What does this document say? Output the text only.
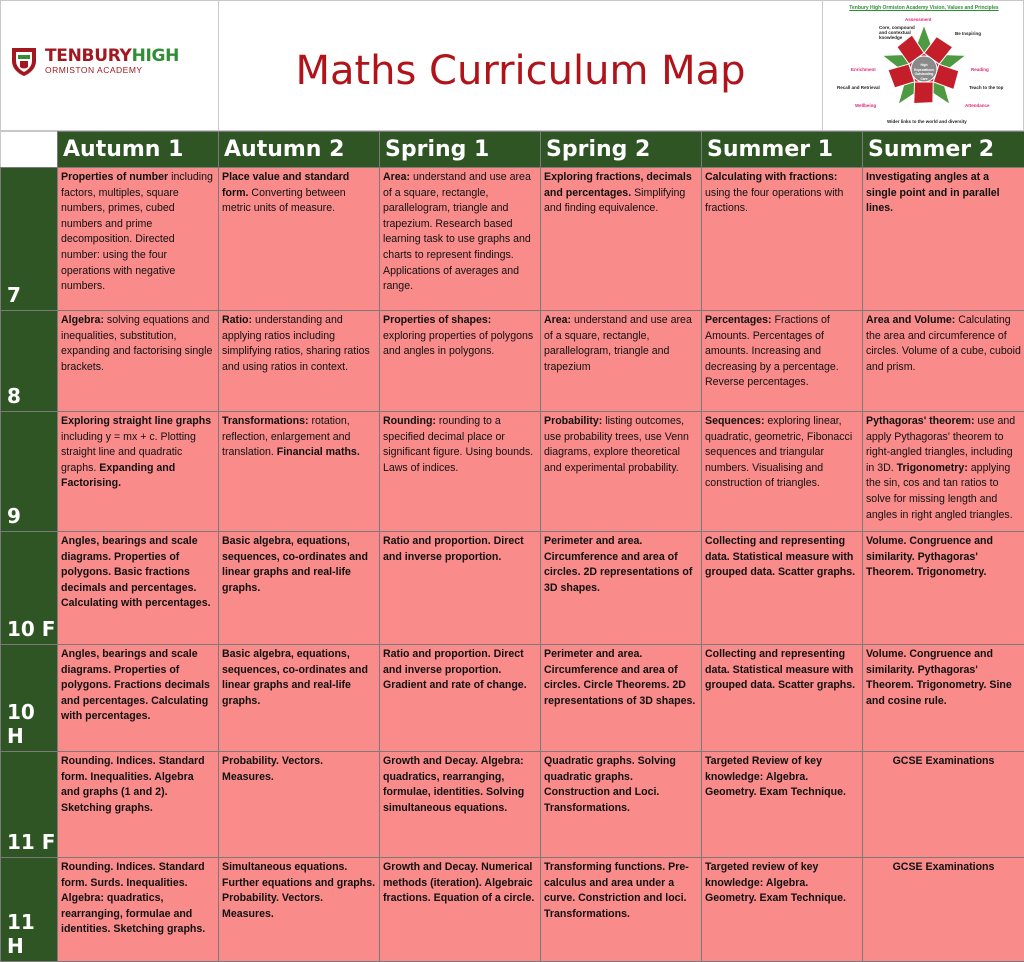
TENBURYHIGH
ORMISTON ACADEMY	Maths Curriculum Map
Tenbury High Ormiston Academy Vision, Values and Principles
Core, compound and contextual knowledge
Assessment
Be Inspiring
Enrichment	Reading
Recall and Retrieval	Teach to the top
Wellbeing	Attendance
Wider links to the world and diversity
High Expectations Outstanding Care
	Autumn 1	Autumn 2	Spring 1	Spring 2	Summer 1	Summer 2
7	Properties of number including factors, multiples, square numbers, primes, cubed numbers and prime decomposition. Directed number: using the four operations with negative numbers.	Place value and standard form. Converting between metric units of measure.	Area: understand and use area of a square, rectangle, parallelogram, triangle and trapezium. Research based learning task to use graphs and charts to represent findings. Applications of averages and range.	Exploring fractions, decimals and percentages. Simplifying and finding equivalence.	Calculating with fractions: using the four operations with fractions.	Investigating angles at a single point and in parallel lines.
8	Algebra: solving equations and inequalities, substitution, expanding and factorising single brackets.	Ratio: understanding and applying ratios including simplifying ratios, sharing ratios and using ratios in context.	Properties of shapes: exploring properties of polygons and angles in polygons.	Area: understand and use area of a square, rectangle, parallelogram, triangle and trapezium	Percentages: Fractions of Amounts. Percentages of amounts. Increasing and decreasing by a percentage. Reverse percentages.	Area and Volume: Calculating the area and circumference of circles. Volume of a cube, cuboid and prism.
9	Exploring straight line graphs including y = mx + c. Plotting straight line and quadratic graphs. Expanding and Factorising.	Transformations: rotation, reflection, enlargement and translation. Financial maths.	Rounding: rounding to a specified decimal place or significant figure. Using bounds. Laws of indices.	Probability: listing outcomes, use probability trees, use Venn diagrams, explore theoretical and experimental probability.	Sequences: exploring linear, quadratic, geometric, Fibonacci sequences and triangular numbers. Visualising and construction of triangles.	Pythagoras' theorem: use and apply Pythagoras' theorem to right-angled triangles, including in 3D. Trigonometry: applying the sin, cos and tan ratios to solve for missing length and angles in right angled triangles.
10 F	Angles, bearings and scale diagrams. Properties of polygons. Basic fractions decimals and percentages. Calculating with percentages.	Basic algebra, equations, sequences, co-ordinates and linear graphs and real-life graphs.	Ratio and proportion. Direct and inverse proportion.	Perimeter and area. Circumference and area of circles. 2D representations of 3D shapes.	Collecting and representing data. Statistical measure with grouped data. Scatter graphs.	Volume. Congruence and similarity. Pythagoras' Theorem. Trigonometry.
10 H	Angles, bearings and scale diagrams. Properties of polygons. Fractions decimals and percentages. Calculating with percentages.	Basic algebra, equations, sequences, co-ordinates and linear graphs and real-life graphs.	Ratio and proportion. Direct and inverse proportion. Gradient and rate of change.	Perimeter and area. Circumference and area of circles. Circle Theorems. 2D representations of 3D shapes.	Collecting and representing data. Statistical measure with grouped data. Scatter graphs.	Volume. Congruence and similarity. Pythagoras' Theorem. Trigonometry. Sine and cosine rule.
11 F	Rounding. Indices. Standard form. Inequalities. Algebra and graphs (1 and 2). Sketching graphs.	Probability. Vectors. Measures.	Growth and Decay. Algebra: quadratics, rearranging, formulae, identities. Solving simultaneous equations.	Quadratic graphs. Solving quadratic graphs. Construction and Loci. Transformations.	Targeted Review of key knowledge: Algebra. Geometry. Exam Technique.	GCSE Examinations
11 H	Rounding. Indices. Standard form. Surds. Inequalities. Algebra: quadratics, rearranging, formulae and identities. Sketching graphs.	Simultaneous equations. Further equations and graphs. Probability. Vectors. Measures.	Growth and Decay. Numerical methods (iteration). Algebraic fractions. Equation of a circle.	Transforming functions. Pre-calculus and area under a curve. Constriction and loci. Transformations.	Targeted review of key knowledge: Algebra. Geometry. Exam Technique.	GCSE Examinations
